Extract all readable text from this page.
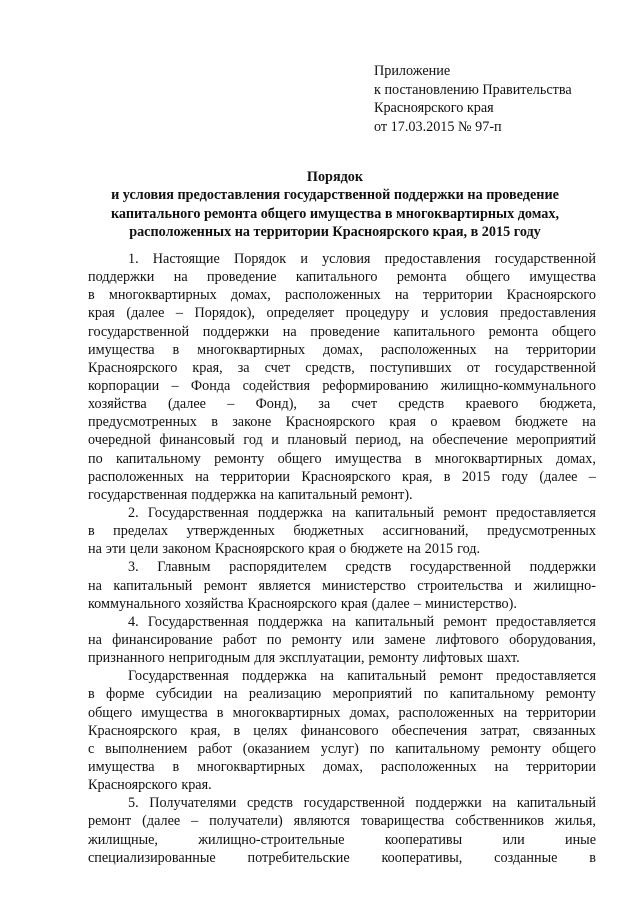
Приложение
к постановлению Правительства
Красноярского края
от 17.03.2015 № 97-п
Порядок
и условия предоставления государственной поддержки на проведение
капитального ремонта общего имущества в многоквартирных домах,
расположенных на территории Красноярского края, в 2015 году
1. Настоящие Порядок и условия предоставления государственной
поддержки на проведение капитального ремонта общего имущества
в многоквартирных домах, расположенных на территории Красноярского
края (далее – Порядок), определяет процедуру и условия предоставления
государственной поддержки на проведение капитального ремонта общего
имущества в многоквартирных домах, расположенных на территории
Красноярского края, за счет средств, поступивших от государственной
корпорации – Фонда содействия реформированию жилищно-коммунального
хозяйства (далее – Фонд), за счет средств краевого бюджета,
предусмотренных в законе Красноярского края о краевом бюджете на
очередной финансовый год и плановый период, на обеспечение мероприятий
по капитальному ремонту общего имущества в многоквартирных домах,
расположенных на территории Красноярского края, в 2015 году (далее –
государственная поддержка на капитальный ремонт).
2. Государственная поддержка на капитальный ремонт предоставляется
в пределах утвержденных бюджетных ассигнований, предусмотренных
на эти цели законом Красноярского края о бюджете на 2015 год.
3. Главным распорядителем средств государственной поддержки
на капитальный ремонт является министерство строительства и жилищно-
коммунального хозяйства Красноярского края (далее – министерство).
4. Государственная поддержка на капитальный ремонт предоставляется
на финансирование работ по ремонту или замене лифтового оборудования,
признанного непригодным для эксплуатации, ремонту лифтовых шахт.
Государственная поддержка на капитальный ремонт предоставляется
в форме субсидии на реализацию мероприятий по капитальному ремонту
общего имущества в многоквартирных домах, расположенных на территории
Красноярского края, в целях финансового обеспечения затрат, связанных
с выполнением работ (оказанием услуг) по капитальному ремонту общего
имущества в многоквартирных домах, расположенных на территории
Красноярского края.
5. Получателями средств государственной поддержки на капитальный
ремонт (далее – получатели) являются товарищества собственников жилья,
жилищные,	жилищно-строительные	кооперативы	или	иные
специализированные потребительские кооперативы, созданные в
